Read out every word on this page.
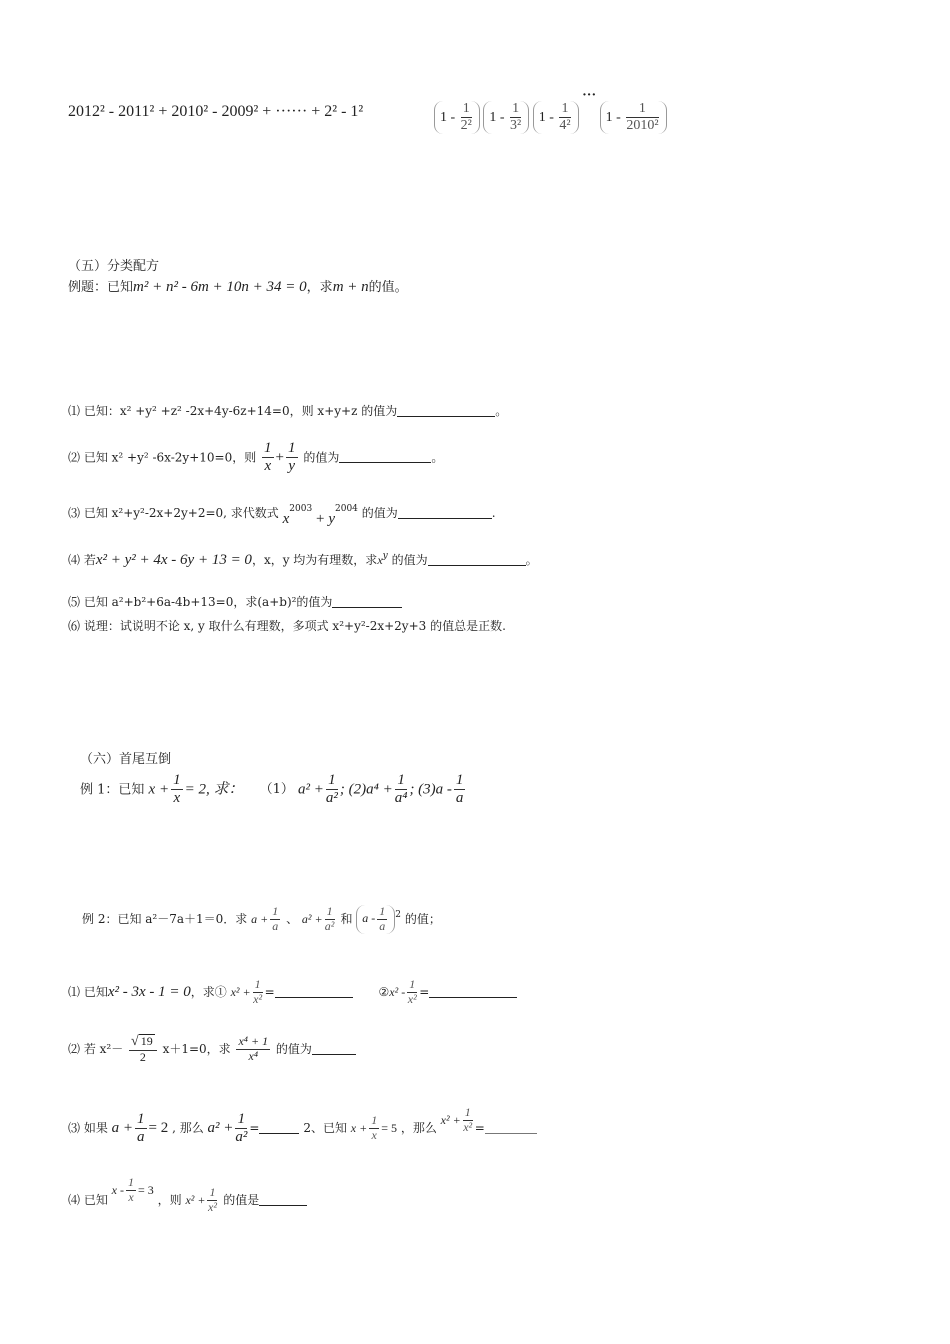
2012² - 2011² + 2010² - 2009² + ······ + 2² - 1²	$1 - \frac{1}{\text{2²}} 1 - \frac{1}{\text{3²}} 1 - \frac{1}{\text{4²}}$
··· $1 - \frac{1}{\text{2010²}}$
（五）分类配方
例题：已知m² + n² - 6m + 10n + 34 = 0，求m + n的值。
⑴ 已知：x² +y² +z² -2x+4y-6z+14=0，则 x+y+z 的值为	。
⑵ 已知 x² +y² -6x-2y+10=0，则 $\frac{1}{x} + \frac{1}{y}$ 的值为	。
⑶ 已知 x²+y²-2x+2y+2=0, 求代数式 $x^{2003} + y^{2004}$ 的值为	.
⑷ 若x² + y² + 4x - 6y + 13 = 0，x，y 均为有理数，求$x^y$ 的值为	。
⑸ 已知 a²+b²+6a-4b+13=0，求(a+b)²的值为
⑹ 说理：试说明不论 x, y 取什么有理数，多项式 x²+y²-2x+2y+3 的值总是正数.
（六）首尾互倒
例 1：已知 $x + \frac{1}{x} = 2$, 求： （1） $a^2 + \frac{1}{\text{a²}}$ ; $(2)a^4 + \frac{1}{\text{a⁴}}$ ; $(3)a - \frac{1}{a}$
例 2：已知 a²－7a＋1＝0．求 $a + \frac{1}{a}$ 、 $a^2 + \frac{1}{\text{a²}}$ 和 a - $\frac{1}{a} ^2$ 的值；
⑴ 已知x² - 3x - 1 = 0，求① $x^2 + \frac{1}{\text{x²}}$ =	②x² - $\frac{1}{\text{x²}}$ =
⑵ 若 $x^2- \frac{√ 19}{2} x+1=0$，求 $\frac{\text{x⁴ + 1}}{\text{x⁴}}$ 的值为
⑶ 如果 $a + \frac{1}{a} = 2$ , 那么 $a^2 + \frac{1}{\text{a²}}$ =	2、已知 $x + \frac{1}{x} = 5$ ，那么 $x^2 + \frac{1}{\text{x²}}$ =
⑷ 已知 $x - \frac{1}{x} = 3$ ，则 $x^2 + \frac{1}{\text{x²}}$ 的值是
